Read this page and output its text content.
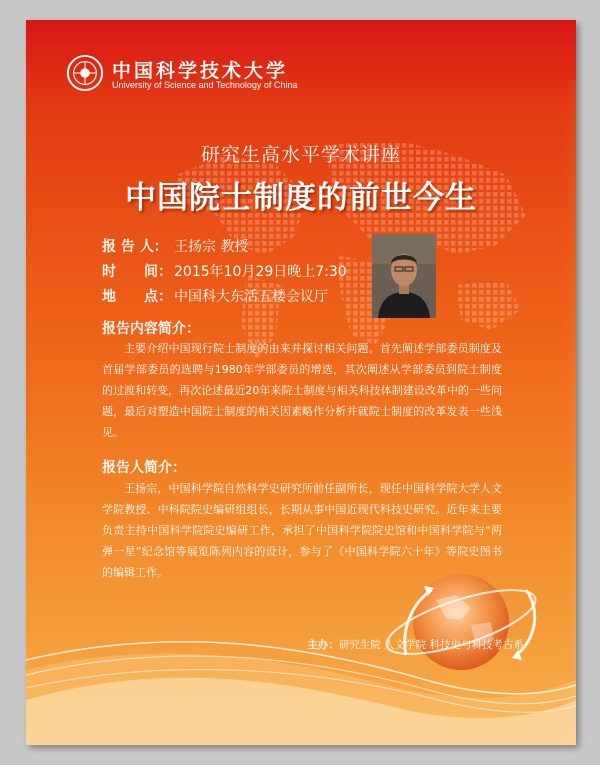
中国科学技术大学
University of Science and Technology of China
研究生高水平学术讲座
中国院士制度的前世今生
报 告 人： 王扬宗 教授
时　　间： 2015年10月29日晚上7:30
地　　点： 中国科大东活五楼会议厅
报告内容简介：
主要介绍中国现行院士制度的由来并探讨相关问题。首先阐述学部委员制度及首届学部委员的选聘与1980年学部委员的增选，其次阐述从学部委员到院士制度的过渡和转变，再次论述最近20年来院士制度与相关科技体制建设改革中的一些问题，最后对塑造中国院士制度的相关因素略作分析并就院士制度的改革发表一些浅见。
报告人简介：
王扬宗，中国科学院自然科学史研究所前任副所长，现任中国科学院大学人文学院教授、中科院院史编研组组长，长期从事中国近现代科技史研究。近年来主要负责主持中国科学院院史编研工作，承担了中国科学院院史馆和中国科学院与“两弹一星”纪念馆等展览陈列内容的设计，参与了《中国科学院六十年》等院史图书的编辑工作。
主办：研究生院 人文学院 科技史与科技考古系
